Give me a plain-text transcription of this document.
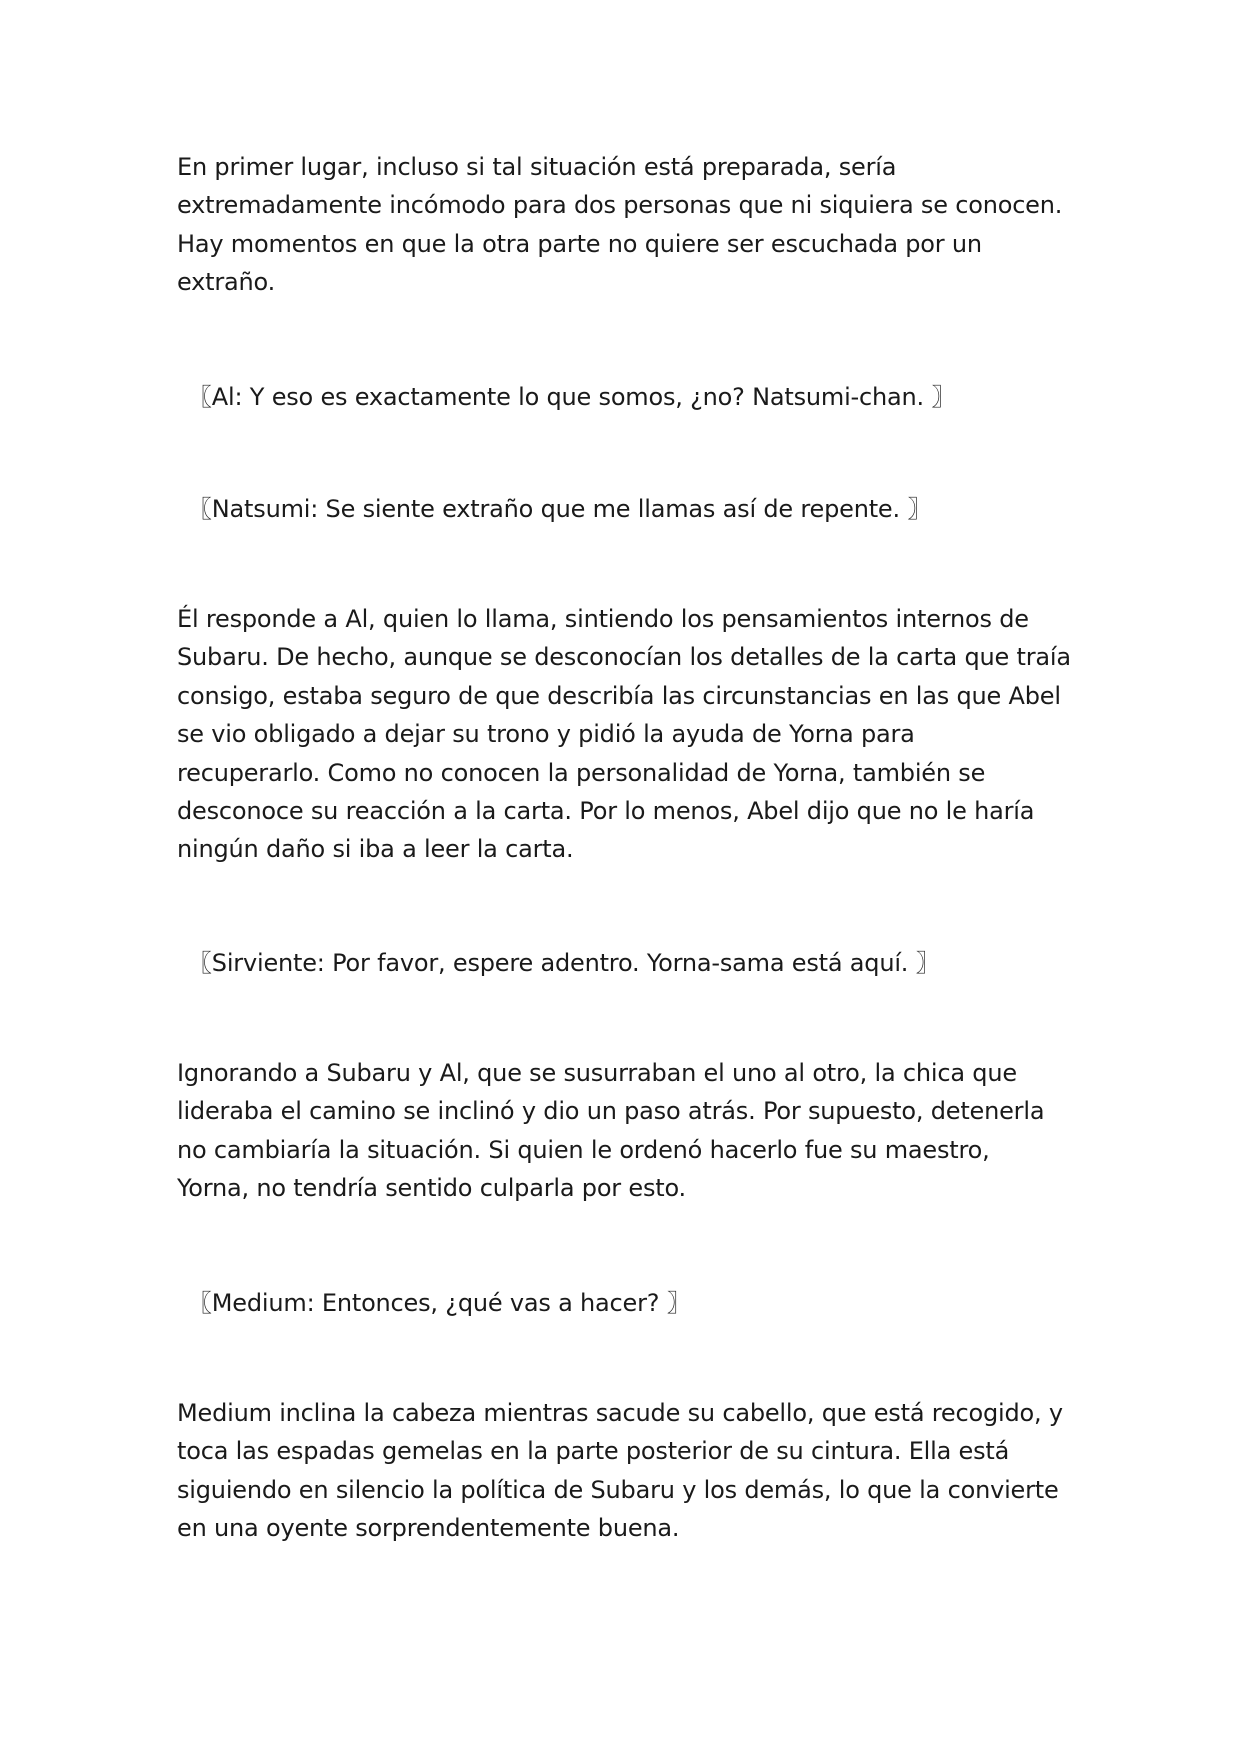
En primer lugar, incluso si tal situación está preparada, sería
extremadamente incómodo para dos personas que ni siquiera se conocen.
Hay momentos en que la otra parte no quiere ser escuchada por un
extraño.
〖Al: Y eso es exactamente lo que somos, ¿no? Natsumi-chan. 〗
〖Natsumi: Se siente extraño que me llamas así de repente. 〗
Él responde a Al, quien lo llama, sintiendo los pensamientos internos de
Subaru. De hecho, aunque se desconocían los detalles de la carta que traía
consigo, estaba seguro de que describía las circunstancias en las que Abel
se vio obligado a dejar su trono y pidió la ayuda de Yorna para
recuperarlo. Como no conocen la personalidad de Yorna, también se
desconoce su reacción a la carta. Por lo menos, Abel dijo que no le haría
ningún daño si iba a leer la carta.
〖Sirviente: Por favor, espere adentro. Yorna-sama está aquí. 〗
Ignorando a Subaru y Al, que se susurraban el uno al otro, la chica que
lideraba el camino se inclinó y dio un paso atrás. Por supuesto, detenerla
no cambiaría la situación. Si quien le ordenó hacerlo fue su maestro,
Yorna, no tendría sentido culparla por esto.
〖Medium: Entonces, ¿qué vas a hacer? 〗
Medium inclina la cabeza mientras sacude su cabello, que está recogido, y
toca las espadas gemelas en la parte posterior de su cintura. Ella está
siguiendo en silencio la política de Subaru y los demás, lo que la convierte
en una oyente sorprendentemente buena.
